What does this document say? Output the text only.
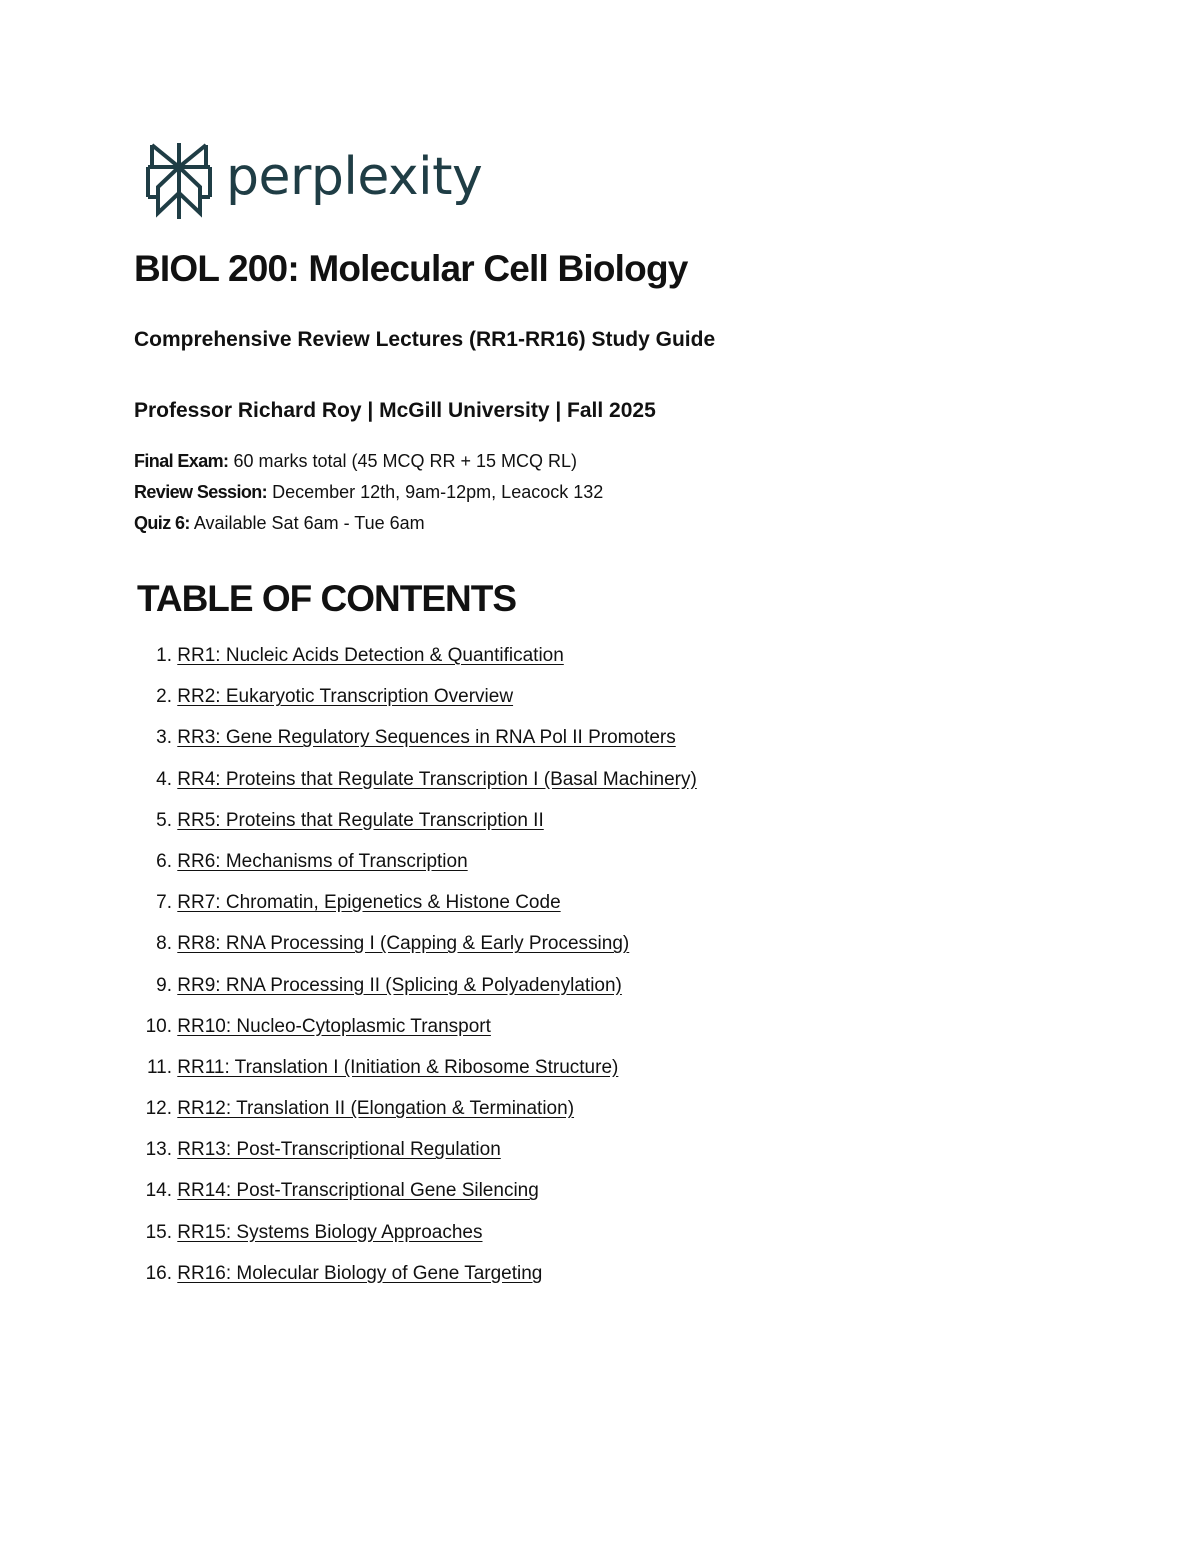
perplexity
BIOL 200: Molecular Cell Biology

Comprehensive Review Lectures (RR1-RR16) Study Guide

Professor Richard Roy | McGill University | Fall 2025

Final Exam: 60 marks total (45 MCQ RR + 15 MCQ RL)
Review Session: December 12th, 9am-12pm, Leacock 132
Quiz 6: Available Sat 6am - Tue 6am
TABLE OF CONTENTS
1.
RR1: Nucleic Acids Detection & Quantification
2.
RR2: Eukaryotic Transcription Overview
3.
RR3: Gene Regulatory Sequences in RNA Pol II Promoters
4.
RR4: Proteins that Regulate Transcription I (Basal Machinery)
5.
RR5: Proteins that Regulate Transcription II
6.
RR6: Mechanisms of Transcription
7.
RR7: Chromatin, Epigenetics & Histone Code
8.
RR8: RNA Processing I (Capping & Early Processing)
9.
RR9: RNA Processing II (Splicing & Polyadenylation)
10.
RR10: Nucleo-Cytoplasmic Transport
11.
RR11: Translation I (Initiation & Ribosome Structure)
12.
RR12: Translation II (Elongation & Termination)
13.
RR13: Post-Transcriptional Regulation
14.
RR14: Post-Transcriptional Gene Silencing
15.
RR15: Systems Biology Approaches
16.
RR16: Molecular Biology of Gene Targeting
